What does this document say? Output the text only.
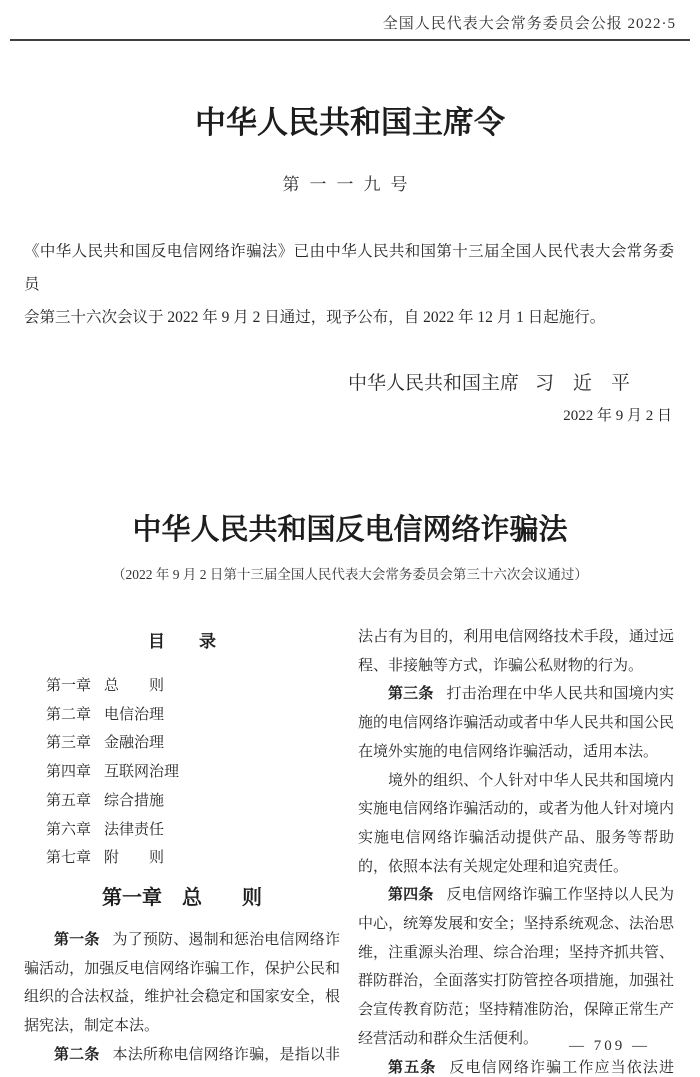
全国人民代表大会常务委员会公报 2022·5
中华人民共和国主席令
第一一九号
《中华人民共和国反电信网络诈骗法》已由中华人民共和国第十三届全国人民代表大会常务委员
会第三十六次会议于 2022 年 9 月 2 日通过，现予公布，自 2022 年 12 月 1 日起施行。
中华人民共和国主席 习　近　平
2022 年 9 月 2 日
中华人民共和国反电信网络诈骗法
（2022 年 9 月 2 日第十三届全国人民代表大会常务委员会第三十六次会议通过）
目　　录
第一章 总　　则
第二章 电信治理
第三章 金融治理
第四章 互联网治理
第五章 综合措施
第六章 法律责任
第七章 附　　则
第一章　总　　则
第一条 为了预防、遏制和惩治电信网络诈
骗活动，加强反电信网络诈骗工作，保护公民和
组织的合法权益，维护社会稳定和国家安全，根
据宪法，制定本法。
第二条 本法所称电信网络诈骗，是指以非
法占有为目的，利用电信网络技术手段，通过远
程、非接触等方式，诈骗公私财物的行为。
第三条 打击治理在中华人民共和国境内实
施的电信网络诈骗活动或者中华人民共和国公民
在境外实施的电信网络诈骗活动，适用本法。
境外的组织、个人针对中华人民共和国境内
实施电信网络诈骗活动的，或者为他人针对境内
实施电信网络诈骗活动提供产品、服务等帮助
的，依照本法有关规定处理和追究责任。
第四条 反电信网络诈骗工作坚持以人民为
中心，统筹发展和安全；坚持系统观念、法治思
维，注重源头治理、综合治理；坚持齐抓共管、
群防群治，全面落实打防管控各项措施，加强社
会宣传教育防范；坚持精准防治，保障正常生产
经营活动和群众生活便利。
第五条 反电信网络诈骗工作应当依法进
— 709 —
